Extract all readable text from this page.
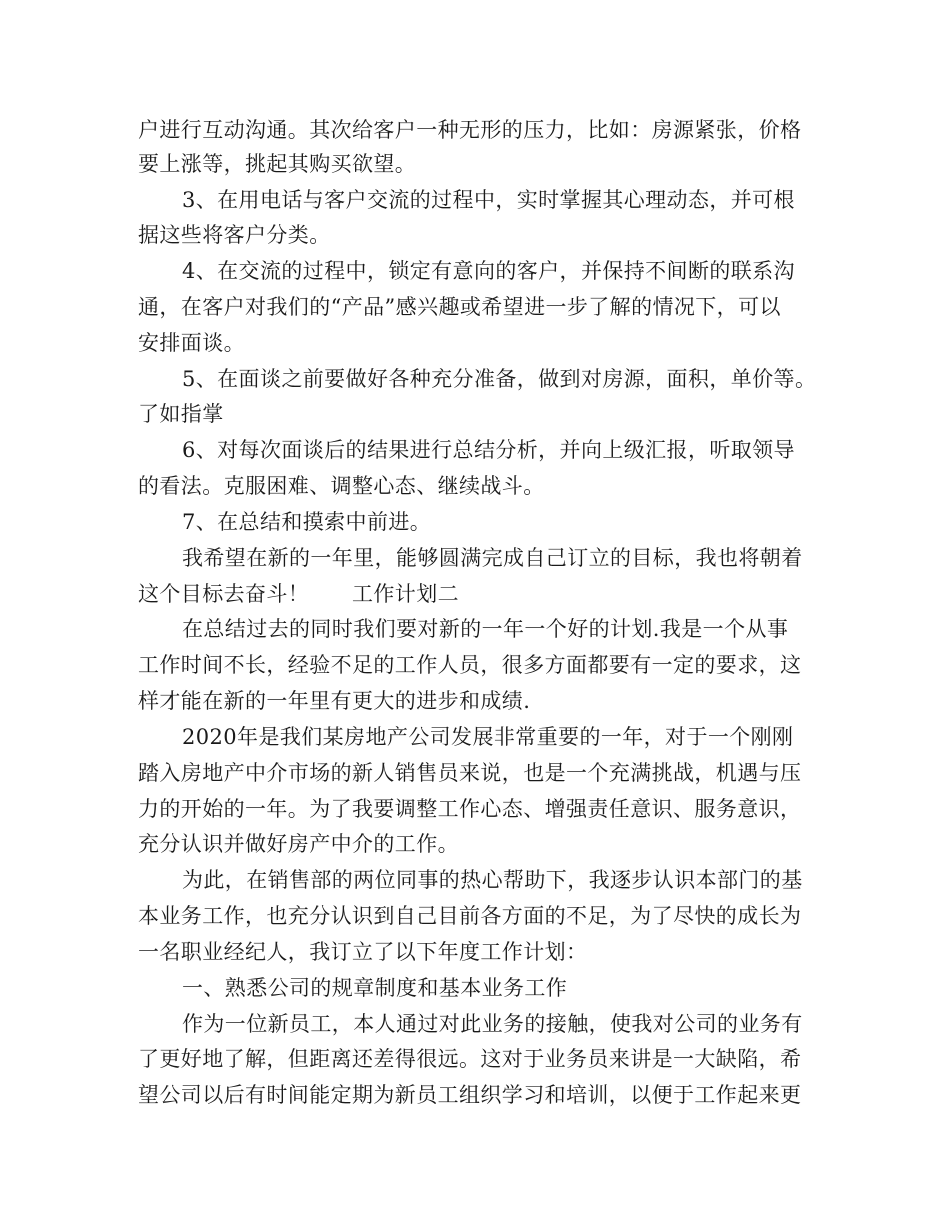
户进行互动沟通。其次给客户一种无形的压力，比如：房源紧张，价格

要上涨等，挑起其购买欲望。

3、在用电话与客户交流的过程中，实时掌握其心理动态，并可根

据这些将客户分类。

4、在交流的过程中，锁定有意向的客户，并保持不间断的联系沟

通，在客户对我们的“产品”感兴趣或希望进一步了解的情况下，可以

安排面谈。

5、在面谈之前要做好各种充分准备，做到对房源，面积，单价等。

了如指掌

6、对每次面谈后的结果进行总结分析，并向上级汇报，听取领导

的看法。克服困难、调整心态、继续战斗。

7、在总结和摸索中前进。

我希望在新的一年里，能够圆满完成自己订立的目标，我也将朝着

这个目标去奋斗！　　工作计划二

在总结过去的同时我们要对新的一年一个好的计划.我是一个从事

工作时间不长，经验不足的工作人员，很多方面都要有一定的要求，这

样才能在新的一年里有更大的进步和成绩.

2020年是我们某房地产公司发展非常重要的一年，对于一个刚刚

踏入房地产中介市场的新人销售员来说，也是一个充满挑战，机遇与压

力的开始的一年。为了我要调整工作心态、增强责任意识、服务意识，

充分认识并做好房产中介的工作。

为此，在销售部的两位同事的热心帮助下，我逐步认识本部门的基

本业务工作，也充分认识到自己目前各方面的不足，为了尽快的成长为

一名职业经纪人，我订立了以下年度工作计划：

一、熟悉公司的规章制度和基本业务工作

作为一位新员工，本人通过对此业务的接触，使我对公司的业务有

了更好地了解，但距离还差得很远。这对于业务员来讲是一大缺陷，希

望公司以后有时间能定期为新员工组织学习和培训，以便于工作起来更
